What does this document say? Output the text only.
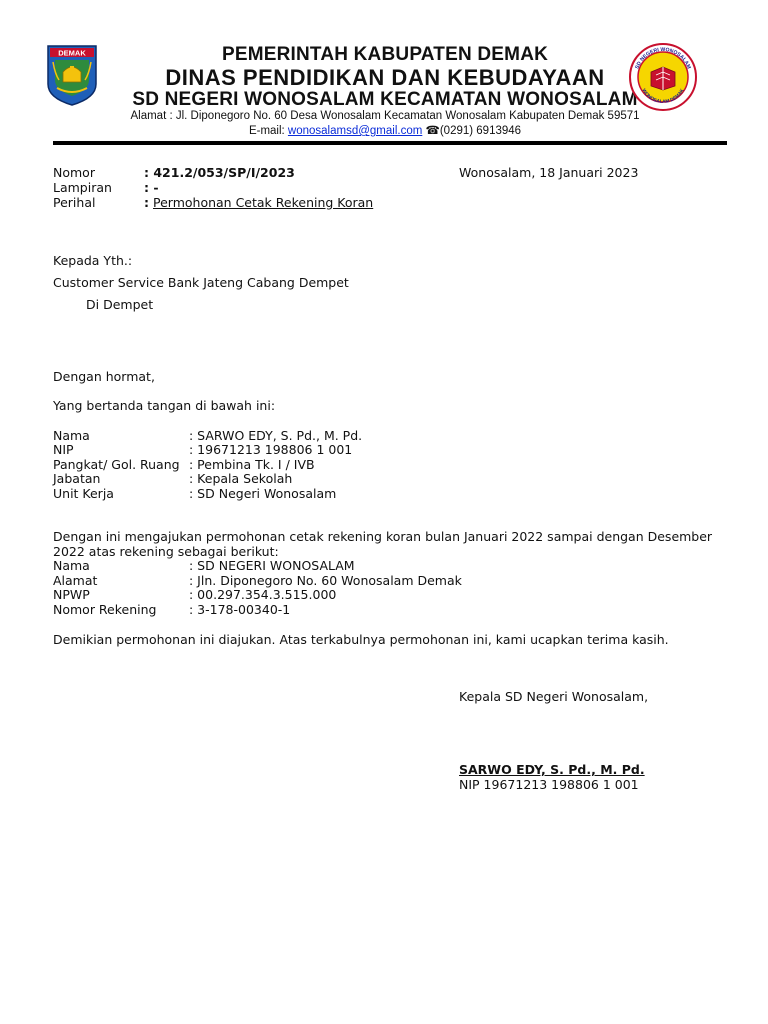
DEMAK	PEMERINTAH KABUPATEN DEMAK
DINAS PENDIDIKAN DAN KEBUDAYAAN
SD NEGERI WONOSALAM KECAMATAN WONOSALAM
Alamat : Jl. Diponegoro No. 60 Desa Wonosalam Kecamatan Wonosalam Kabupaten Demak 59571
E-mail: wonosalamsd@gmail.com ☎(0291) 6913946
SD NEGERI WONOSALAM
WONOSALAM DEMAK
Nomor	: 421.2/053/SP/I/2023
Lampiran	: -
Perihal	: Permohonan Cetak Rekening Koran
Wonosalam, 18 Januari 2023
Kepada Yth.:
Customer Service Bank Jateng Cabang Dempet
Di Dempet
Dengan hormat,
Yang bertanda tangan di bawah ini:
Nama	: SARWO EDY, S. Pd., M. Pd.
NIP	: 19671213 198806 1 001
Pangkat/ Gol. Ruang : Pembina Tk. I / IVB
Jabatan	: Kepala Sekolah
Unit Kerja	: SD Negeri Wonosalam
Dengan ini mengajukan permohonan cetak rekening koran bulan Januari 2022 sampai dengan Desember
2022 atas rekening sebagai berikut:
Nama	: SD NEGERI WONOSALAM
Alamat	: Jln. Diponegoro No. 60 Wonosalam Demak
NPWP	: 00.297.354.3.515.000
Nomor Rekening	: 3-178-00340-1
Demikian permohonan ini diajukan. Atas terkabulnya permohonan ini, kami ucapkan terima kasih.
Kepala SD Negeri Wonosalam,
SARWO EDY, S. Pd., M. Pd.
NIP 19671213 198806 1 001
